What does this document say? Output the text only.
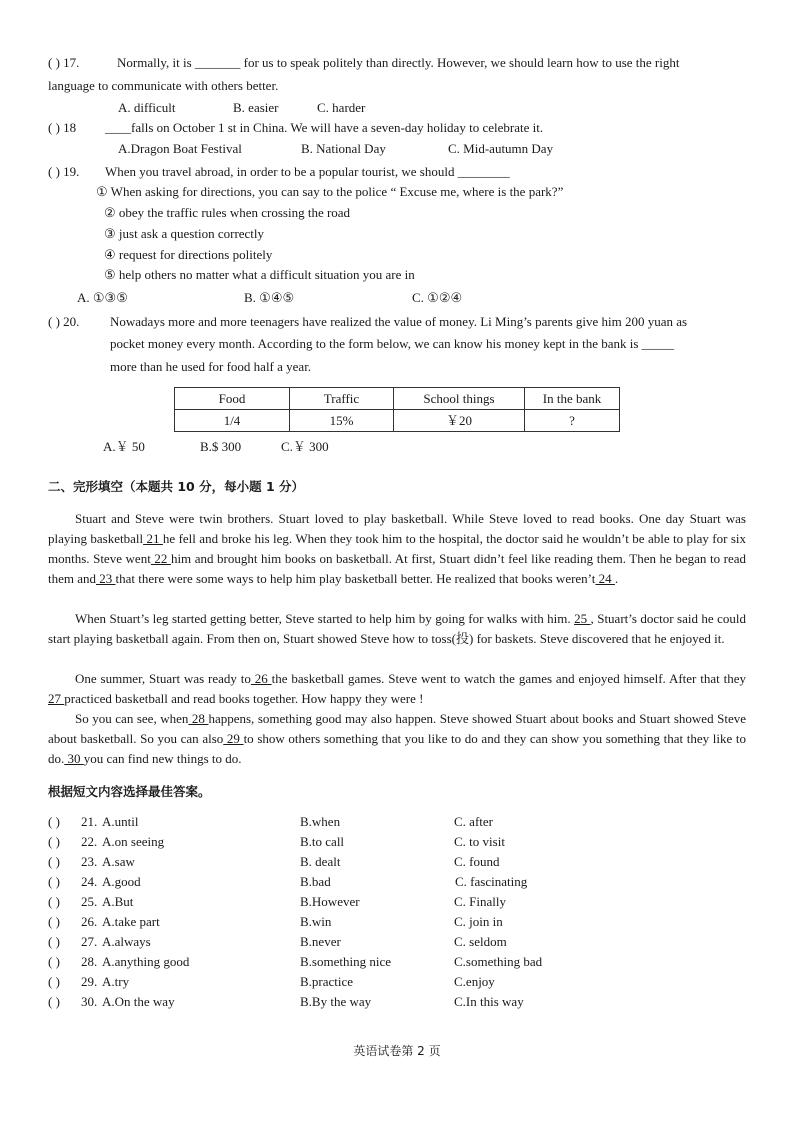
( ) 17.	Normally, it is _______ for us to speak politely than directly. However, we should learn how to use the right
language to communicate with others better.
A. difficult	B. easier	C. harder
( ) 18 ____falls on October 1 st in China. We will have a seven-day holiday to celebrate it.
A.Dragon Boat Festival	B. National Day	C. Mid-autumn Day
( ) 19. When you travel abroad, in order to be a popular tourist, we should ________
① When asking for directions, you can say to the police “ Excuse me, where is the park?”
② obey the traffic rules when crossing the road
③ just ask a question correctly
④ request for directions politely
⑤ help others no matter what a difficult situation you are in
A. ①③⑤	B. ①④⑤	C. ①②④
( ) 20. Nowadays more and more teenagers have realized the value of money. Li Ming’s parents give him 200 yuan as
pocket money every month. According to the form below, we can know his money kept in the bank is _____
more than he used for food half a year.
Food	Traffic	School things	In the bank
1/4	15%	￥20	?
A.￥ 50	B.$ 300	C.￥ 300
二、完形填空（本题共 10 分，每小题 1 分）
Stuart and Steve were twin brothers. Stuart loved to play basketball. While Steve loved to read books. One day Stuart was playing basketball 21 he fell and broke his leg. When they took him to the hospital, the doctor said he wouldn’t be able to play for six months. Steve went 22 him and brought him books on basketball. At first, Stuart didn’t feel like reading them. Then he began to read them and 23 that there were some ways to help him play basketball better. He realized that books weren’t 24 .
When Stuart’s leg started getting better, Steve started to help him by going for walks with him. 25 , Stuart’s doctor said he could start playing basketball again. From then on, Stuart showed Steve how to toss(投) for baskets. Steve discovered that he enjoyed it.
One summer, Stuart was ready to 26 the basketball games. Steve went to watch the games and enjoyed himself. After that they 27 practiced basketball and read books together. How happy they were !
So you can see, when 28 happens, something good may also happen. Steve showed Stuart about books and Stuart showed Steve about basketball. So you can also 29 to show others something that you like to do and they can show you something that they like to do. 30 you can find new things to do.
根据短文内容选择最佳答案。
( ) 21. A.until	B.when	C. after
( ) 22. A.on seeing	B.to call	C. to visit
( ) 23. A.saw	B. dealt	C. found
( ) 24. A.good	B.bad	C. fascinating
( ) 25. A.But	B.However	C. Finally
( ) 26. A.take part	B.win	C. join in
( ) 27. A.always	B.never	C. seldom
( ) 28. A.anything good	B.something nice	C.something bad
( ) 29. A.try	B.practice	C.enjoy
( ) 30. A.On the way	B.By the way	C.In this way
英语试卷第 2 页
